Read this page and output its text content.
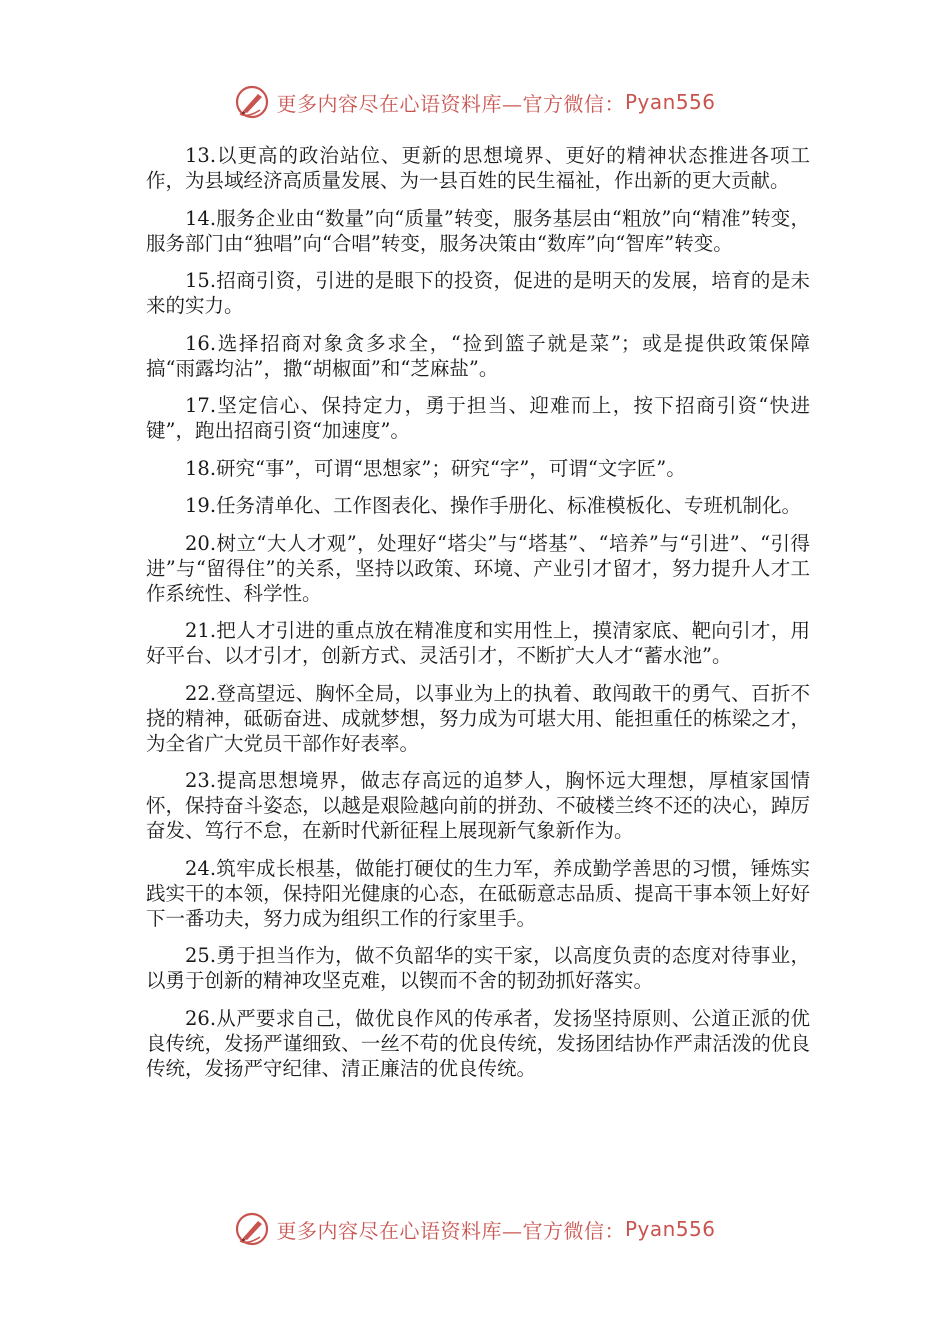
更多内容尽在心语资料库—官方微信： Pyan556

13.以更高的政治站位、更新的思想境界、更好的精神状态推进各项工作，为县域经济高质量发展、为一县百姓的民生福祉，作出新的更大贡献。

14.服务企业由“数量”向“质量”转变，服务基层由“粗放”向“精准”转变，服务部门由“独唱”向“合唱”转变，服务决策由“数库”向“智库”转变。

15.招商引资，引进的是眼下的投资，促进的是明天的发展，培育的是未来的实力。

16.选择招商对象贪多求全，“捡到篮子就是菜”；或是提供政策保障搞“雨露均沾”，撒“胡椒面”和“芝麻盐”。

17.坚定信心、保持定力，勇于担当、迎难而上，按下招商引资“快进键”，跑出招商引资“加速度”。

18.研究“事”，可谓“思想家”；研究“字”，可谓“文字匠”。

19.任务清单化、工作图表化、操作手册化、标准模板化、专班机制化。

20.树立“大人才观”，处理好“塔尖”与“塔基”、“培养”与“引进”、“引得进”与“留得住”的关系，坚持以政策、环境、产业引才留才，努力提升人才工作系统性、科学性。

21.把人才引进的重点放在精准度和实用性上，摸清家底、靶向引才，用好平台、以才引才，创新方式、灵活引才，不断扩大人才“蓄水池”。

22.登高望远、胸怀全局，以事业为上的执着、敢闯敢干的勇气、百折不挠的精神，砥砺奋进、成就梦想，努力成为可堪大用、能担重任的栋梁之才，为全省广大党员干部作好表率。

23.提高思想境界，做志存高远的追梦人，胸怀远大理想，厚植家国情怀，保持奋斗姿态，以越是艰险越向前的拼劲、不破楼兰终不还的决心，踔厉奋发、笃行不怠，在新时代新征程上展现新气象新作为。

24.筑牢成长根基，做能打硬仗的生力军，养成勤学善思的习惯，锤炼实践实干的本领，保持阳光健康的心态，在砥砺意志品质、提高干事本领上好好下一番功夫，努力成为组织工作的行家里手。

25.勇于担当作为，做不负韶华的实干家，以高度负责的态度对待事业，以勇于创新的精神攻坚克难，以锲而不舍的韧劲抓好落实。

26.从严要求自己，做优良作风的传承者，发扬坚持原则、公道正派的优良传统，发扬严谨细致、一丝不苟的优良传统，发扬团结协作严肃活泼的优良传统，发扬严守纪律、清正廉洁的优良传统。

更多内容尽在心语资料库—官方微信： Pyan556
